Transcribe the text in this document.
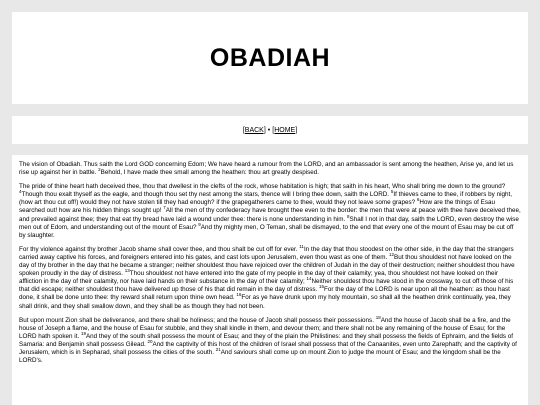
OBADIAH
[BACK] • [HOME]

The vision of Obadiah. Thus saith the Lord GOD concerning Edom; We have heard a rumour from the LORD, and an ambassador is sent among the heathen, Arise ye, and let us rise up against her in battle. $^2$Behold, I have made thee small among the heathen: thou art greatly despised.

The pride of thine heart hath deceived thee, thou that dwellest in the clefts of the rock, whose habitation is high; that saith in his heart, Who shall bring me down to the ground? $^4$Though thou exalt thyself as the eagle, and though thou set thy nest among the stars, thence will I bring thee down, saith the LORD. $^5$If thieves came to thee, if robbers by night, (how art thou cut off!) would they not have stolen till they had enough? if the grapegatherers came to thee, would they not leave some grapes? $^6$How are the things of Esau searched out! how are his hidden things sought up! $^7$All the men of thy confederacy have brought thee even to the border: the men that were at peace with thee have deceived thee, and prevailed against thee; they that eat thy bread have laid a wound under thee: there is none understanding in him. $^8$Shall I not in that day, saith the LORD, even destroy the wise men out of Edom, and understanding out of the mount of Esau? $^9$And thy mighty men, O Teman, shall be dismayed, to the end that every one of the mount of Esau may be cut off by slaughter.

For thy violence against thy brother Jacob shame shall cover thee, and thou shalt be cut off for ever. $^{11}$In the day that thou stoodest on the other side, in the day that the strangers carried away captive his forces, and foreigners entered into his gates, and cast lots upon Jerusalem, even thou wast as one of them. $^{12}$But thou shouldest not have looked on the day of thy brother in the day that he became a stranger; neither shouldest thou have rejoiced over the children of Judah in the day of their destruction; neither shouldest thou have spoken proudly in the day of distress. $^{13}$Thou shouldest not have entered into the gate of my people in the day of their calamity; yea, thou shouldest not have looked on their affliction in the day of their calamity, nor have laid hands on their substance in the day of their calamity; $^{14}$Neither shouldest thou have stood in the crossway, to cut off those of his that did escape; neither shouldest thou have delivered up those of his that did remain in the day of distress. $^{15}$For the day of the LORD is near upon all the heathen: as thou hast done, it shall be done unto thee: thy reward shall return upon thine own head. $^{16}$For as ye have drunk upon my holy mountain, so shall all the heathen drink continually, yea, they shall drink, and they shall swallow down, and they shall be as though they had not been.

But upon mount Zion shall be deliverance, and there shall be holiness; and the house of Jacob shall possess their possessions. $^{18}$And the house of Jacob shall be a fire, and the house of Joseph a flame, and the house of Esau for stubble, and they shall kindle in them, and devour them; and there shall not be any remaining of the house of Esau; for the LORD hath spoken it. $^{19}$And they of the south shall possess the mount of Esau; and they of the plain the Philistines: and they shall possess the fields of Ephraim, and the fields of Samaria: and Benjamin shall possess Gilead. $^{20}$And the captivity of this host of the children of Israel shall possess that of the Canaanites, even unto Zarephath; and the captivity of Jerusalem, which is in Sepharad, shall possess the cities of the south. $^{21}$And saviours shall come up on mount Zion to judge the mount of Esau; and the kingdom shall be the LORD's.
